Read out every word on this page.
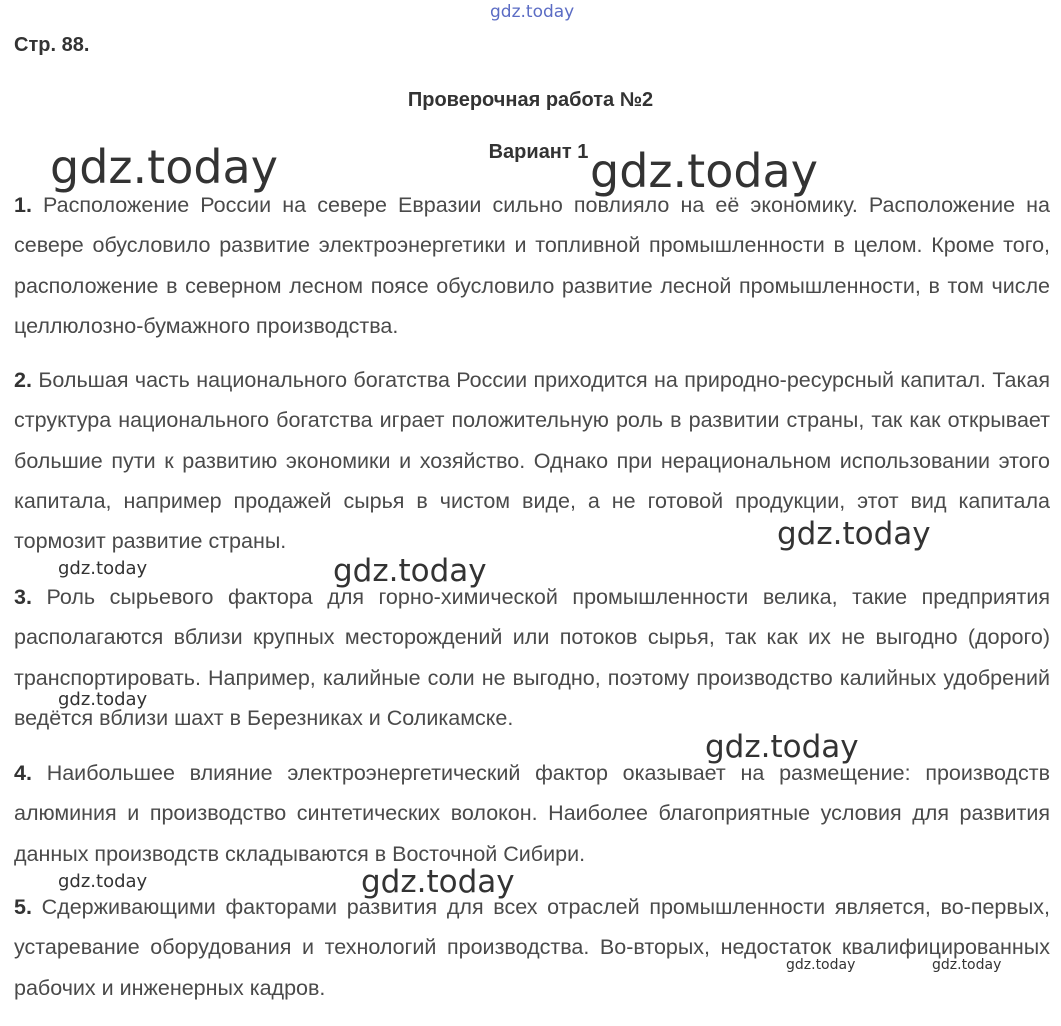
gdz.today
Стр. 88.
Проверочная работа №2
Вариант 1

1. Расположение России на севере Евразии сильно повлияло на её экономику. Расположение на севере обусловило развитие электроэнергетики и топливной промышленности в целом. Кроме того, расположение в северном лесном поясе обусловило развитие лесной промышленности, в том числе целлюлозно-бумажного производства.

2. Большая часть национального богатства России приходится на природно-ресурсный капитал. Такая структура национального богатства играет положительную роль в развитии страны, так как открывает большие пути к развитию экономики и хозяйство. Однако при нерациональном использовании этого капитала, например продажей сырья в чистом виде, а не готовой продукции, этот вид капитала тормозит развитие страны.

3. Роль сырьевого фактора для горно-химической промышленности велика, такие предприятия располагаются вблизи крупных месторождений или потоков сырья, так как их не выгодно (дорого) транспортировать. Например, калийные соли не выгодно, поэтому производство калийных удобрений ведётся вблизи шахт в Березниках и Соликамске.

4. Наибольшее влияние электроэнергетический фактор оказывает на размещение: производств алюминия и производство синтетических волокон. Наиболее благоприятные условия для развития данных производств складываются в Восточной Сибири.

5. Сдерживающими факторами развития для всех отраслей промышленности является, во-первых, устаревание оборудования и технологий производства. Во-вторых, недостаток квалифицированных рабочих и инженерных кадров.

gdz.today	gdz.today
gdz.today
gdz.today	gdz.today
gdz.today
gdz.today
gdz.today	gdz.today
gdz.today	gdz.today
